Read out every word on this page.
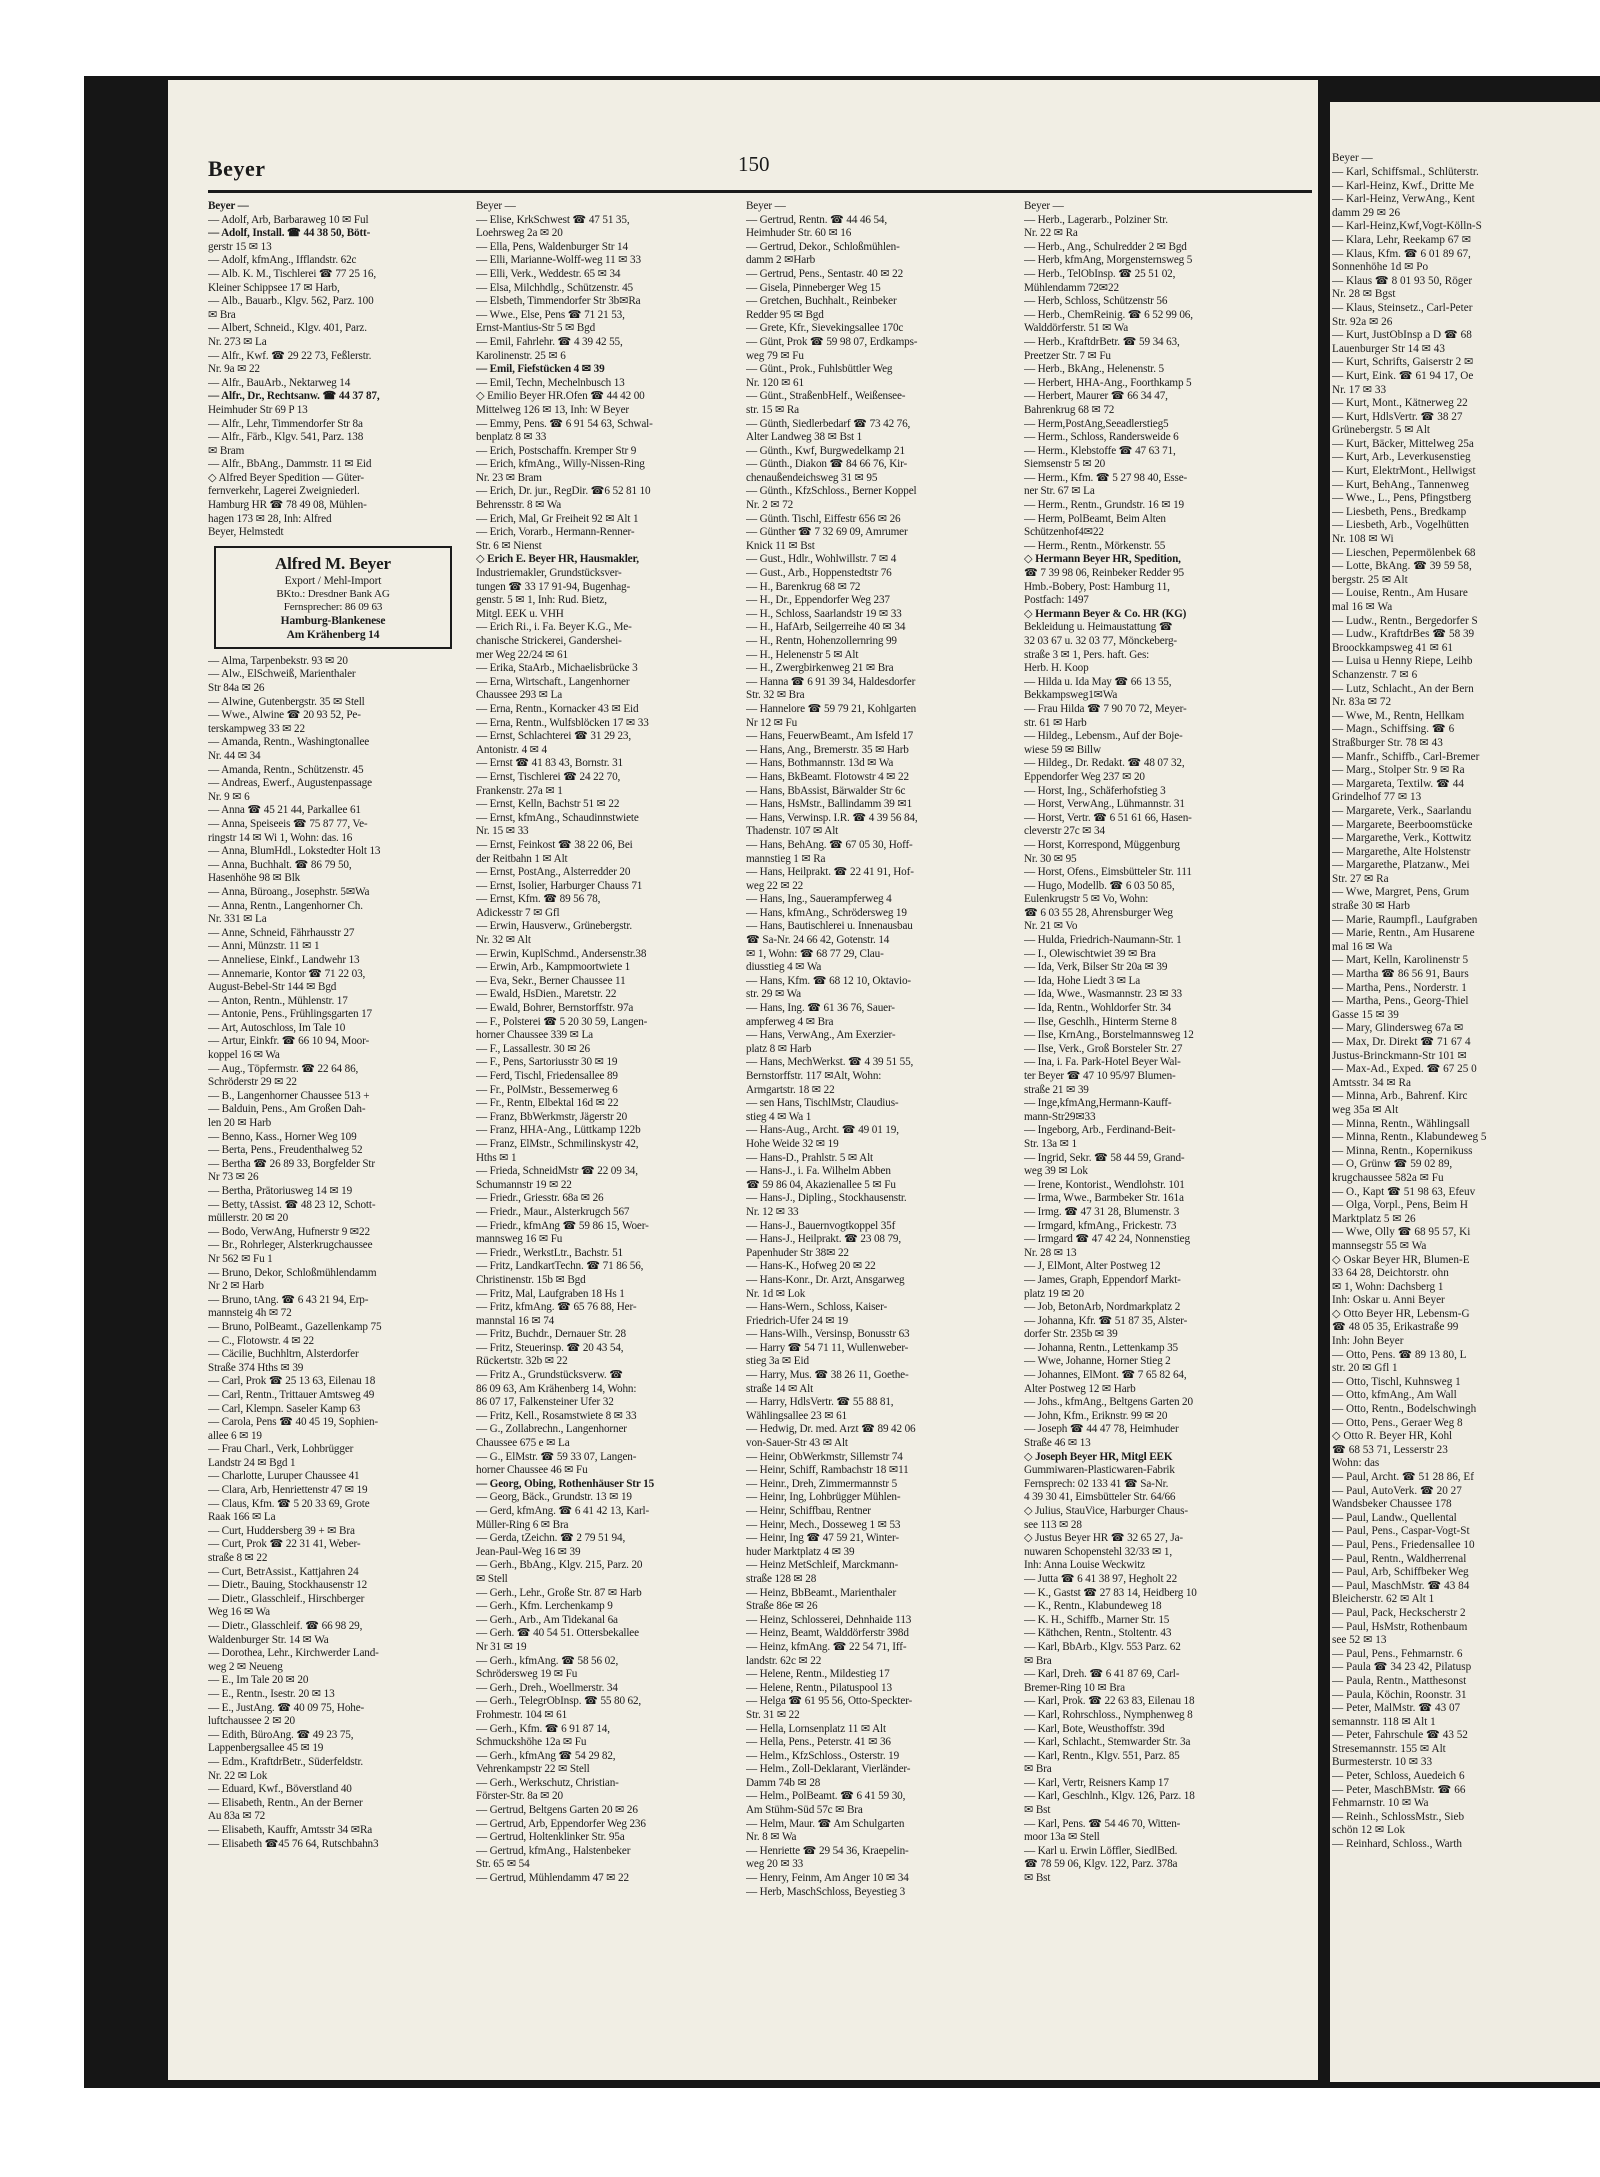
Beyer	150
Beyer —
— Adolf, Arb, Barbaraweg 10 ✉ Ful
— Adolf, Install. ☎ 44 38 50, Bött-
gerstr 15 ✉ 13
— Adolf, kfmAng., Ifflandstr. 62c
— Alb. K. M., Tischlerei ☎ 77 25 16,
Kleiner Schippsee 17 ✉ Harb,
— Alb., Bauarb., Klgv. 562, Parz. 100
✉ Bra
— Albert, Schneid., Klgv. 401, Parz.
Nr. 273 ✉ La
— Alfr., Kwf. ☎ 29 22 73, Feßlerstr.
Nr. 9a ✉ 22
— Alfr., BauArb., Nektarweg 14
— Alfr., Dr., Rechtsanw. ☎ 44 37 87,
Heimhuder Str 69 P 13
— Alfr., Lehr, Timmendorfer Str 8a
— Alfr., Färb., Klgv. 541, Parz. 138
✉ Bram
— Alfr., BbAng., Dammstr. 11 ✉ Eid
◇ Alfred Beyer Spedition — Güter-
fernverkehr, Lagerei Zweigniederl.
Hamburg HR ☎ 78 49 08, Mühlen-
hagen 173 ✉ 28, Inh: Alfred
Beyer, Helmstedt
Alfred M. Beyer
Export / Mehl-Import
BKto.: Dresdner Bank AG
Fernsprecher: 86 09 63
Hamburg-Blankenese
Am Krähenberg 14
— Alma, Tarpenbekstr. 93 ✉ 20
— Alw., ElSchweiß, Marienthaler
Str 84a ✉ 26
— Alwine, Gutenbergstr. 35 ✉ Stell
— Wwe., Alwine ☎ 20 93 52, Pe-
terskampweg 33 ✉ 22
— Amanda, Rentn., Washingtonallee
Nr. 44 ✉ 34
— Amanda, Rentn., Schützenstr. 45
— Andreas, Ewerf., Augustenpassage
Nr. 9 ✉ 6
— Anna ☎ 45 21 44, Parkallee 61
— Anna, Speiseeis ☎ 75 87 77, Ve-
ringstr 14 ✉ Wi 1, Wohn: das. 16
— Anna, BlumHdl., Lokstedter Holt 13
— Anna, Buchhalt. ☎ 86 79 50,
Hasenhöhe 98 ✉ Blk
— Anna, Büroang., Josephstr. 5✉Wa
— Anna, Rentn., Langenhorner Ch.
Nr. 331 ✉ La
— Anne, Schneid, Fährhausstr 27
— Anni, Münzstr. 11 ✉ 1
— Anneliese, Einkf., Landwehr 13
— Annemarie, Kontor ☎ 71 22 03,
August-Bebel-Str 144 ✉ Bgd
— Anton, Rentn., Mühlenstr. 17
— Antonie, Pens., Frühlingsgarten 17
— Art, Autoschloss, Im Tale 10
— Artur, Einkfr. ☎ 66 10 94, Moor-
koppel 16 ✉ Wa
— Aug., Töpfermstr. ☎ 22 64 86,
Schröderstr 29 ✉ 22
— B., Langenhorner Chaussee 513 +
— Balduin, Pens., Am Großen Dah-
len 20 ✉ Harb
— Benno, Kass., Horner Weg 109
— Berta, Pens., Freudenthalweg 52
— Bertha ☎ 26 89 33, Borgfelder Str
Nr 73 ✉ 26
— Bertha, Prätoriusweg 14 ✉ 19
— Betty, tAssist. ☎ 48 23 12, Schott-
müllerstr. 20 ✉ 20
— Bodo, VerwAng, Hufnerstr 9 ✉22
— Br., Rohrleger, Alsterkrugchaussee
Nr 562 ✉ Fu 1
— Bruno, Dekor, Schloßmühlendamm
Nr 2 ✉ Harb
— Bruno, tAng. ☎ 6 43 21 94, Erp-
mannsteig 4h ✉ 72
— Bruno, PolBeamt., Gazellenkamp 75
— C., Flotowstr. 4 ✉ 22
— Cäcilie, Buchhltrn, Alsterdorfer
Straße 374 Hths ✉ 39
— Carl, Prok ☎ 25 13 63, Eilenau 18
— Carl, Rentn., Trittauer Amtsweg 49
— Carl, Klempn. Saseler Kamp 63
— Carola, Pens ☎ 40 45 19, Sophien-
allee 6 ✉ 19
— Frau Charl., Verk, Lohbrügger
Landstr 24 ✉ Bgd 1
— Charlotte, Luruper Chaussee 41
— Clara, Arb, Henriettenstr 47 ✉ 19
— Claus, Kfm. ☎ 5 20 33 69, Grote
Raak 166 ✉ La
— Curt, Huddersberg 39 + ✉ Bra
— Curt, Prok ☎ 22 31 41, Weber-
straße 8 ✉ 22
— Curt, BetrAssist., Kattjahren 24
— Dietr., Bauing, Stockhausenstr 12
— Dietr., Glasschleif., Hirschberger
Weg 16 ✉ Wa
— Dietr., Glasschleif. ☎ 66 98 29,
Waldenburger Str. 14 ✉ Wa
— Dorothea, Lehr., Kirchwerder Land-
weg 2 ✉ Neueng
— E., Im Tale 20 ✉ 20
— E., Rentn., Isestr. 20 ✉ 13
— E., JustAng. ☎ 40 09 75, Hohe-
luftchaussee 2 ✉ 20
— Edith, BüroAng. ☎ 49 23 75,
Lappenbergsallee 45 ✉ 19
— Edm., KraftdrBetr., Süderfeldstr.
Nr. 22 ✉ Lok
— Eduard, Kwf., Böverstland 40
— Elisabeth, Rentn., An der Berner
Au 83a ✉ 72
— Elisabeth, Kauffr, Amtsstr 34 ✉Ra
— Elisabeth ☎45 76 64, Rutschbahn3
Beyer —
— Elise, KrkSchwest ☎ 47 51 35,
Loehrsweg 2a ✉ 20
— Ella, Pens, Waldenburger Str 14
— Elli, Marianne-Wolff-weg 11 ✉ 33
— Elli, Verk., Weddestr. 65 ✉ 34
— Elsa, Milchhdlg., Schützenstr. 45
— Elsbeth, Timmendorfer Str 3b✉Ra
— Wwe., Else, Pens ☎ 71 21 53,
Ernst-Mantius-Str 5 ✉ Bgd
— Emil, Fahrlehr. ☎ 4 39 42 55,
Karolinenstr. 25 ✉ 6
— Emil, Fiefstücken 4 ✉ 39
— Emil, Techn, Mechelnbusch 13
◇ Emilio Beyer HR.Ofen ☎ 44 42 00
Mittelweg 126 ✉ 13, Inh: W Beyer
— Emmy, Pens. ☎ 6 91 54 63, Schwal-
benplatz 8 ✉ 33
— Erich, Postschaffn. Kremper Str 9
— Erich, kfmAng., Willy-Nissen-Ring
Nr. 23 ✉ Bram
— Erich, Dr. jur., RegDir. ☎6 52 81 10
Behrensstr. 8 ✉ Wa
— Erich, Mal, Gr Freiheit 92 ✉ Alt 1
— Erich, Vorarb., Hermann-Renner-
Str. 6 ✉ Nienst
◇ Erich E. Beyer HR, Hausmakler,
Industriemakler, Grundstücksver-
tungen ☎ 33 17 91-94, Bugenhag-
genstr. 5 ✉ 1, Inh: Rud. Bietz,
Mitgl. EEK u. VHH
— Erich Ri., i. Fa. Beyer K.G., Me-
chanische Strickerei, Gandershei-
mer Weg 22/24 ✉ 61
— Erika, StaArb., Michaelisbrücke 3
— Erna, Wirtschaft., Langenhorner
Chaussee 293 ✉ La
— Erna, Rentn., Kornacker 43 ✉ Eid
— Erna, Rentn., Wulfsblöcken 17 ✉ 33
— Ernst, Schlachterei ☎ 31 29 23,
Antonistr. 4 ✉ 4
— Ernst ☎ 41 83 43, Bornstr. 31
— Ernst, Tischlerei ☎ 24 22 70,
Frankenstr. 27a ✉ 1
— Ernst, Kelln, Bachstr 51 ✉ 22
— Ernst, kfmAng., Schaudinnstwiete
Nr. 15 ✉ 33
— Ernst, Feinkost ☎ 38 22 06, Bei
der Reitbahn 1 ✉ Alt
— Ernst, PostAng., Alsterredder 20
— Ernst, Isolier, Harburger Chauss 71
— Ernst, Kfm. ☎ 89 56 78,
Adickesstr 7 ✉ Gfl
— Erwin, Hausverw., Grünebergstr.
Nr. 32 ✉ Alt
— Erwin, KuplSchmd., Andersenstr.38
— Erwin, Arb., Kampmoortwiete 1
— Eva, Sekr., Berner Chaussee 11
— Ewald, HsDien., Maretstr. 22
— Ewald, Bohrer, Bernstorffstr. 97a
— F., Polsterei ☎ 5 20 30 59, Langen-
horner Chaussee 339 ✉ La
— F., Lassallestr. 30 ✉ 26
— F., Pens, Sartoriusstr 30 ✉ 19
— Ferd, Tischl, Friedensallee 89
— Fr., PolMstr., Bessemerweg 6
— Fr., Rentn, Elbektal 16d ✉ 22
— Franz, BbWerkmstr, Jägerstr 20
— Franz, HHA-Ang., Lüttkamp 122b
— Franz, ElMstr., Schmilinskystr 42,
Hths ✉ 1
— Frieda, SchneidMstr ☎ 22 09 34,
Schumannstr 19 ✉ 22
— Friedr., Griesstr. 68a ✉ 26
— Friedr., Maur., Alsterkrugch 567
— Friedr., kfmAng ☎ 59 86 15, Woer-
mannsweg 16 ✉ Fu
— Friedr., WerkstLtr., Bachstr. 51
— Fritz, LandkartTechn. ☎ 71 86 56,
Christinenstr. 15b ✉ Bgd
— Fritz, Mal, Laufgraben 18 Hs 1
— Fritz, kfmAng. ☎ 65 76 88, Her-
mannstal 16 ✉ 74
— Fritz, Buchdr., Dernauer Str. 28
— Fritz, Steuerinsp. ☎ 20 43 54,
Rückertstr. 32b ✉ 22
— Fritz A., Grundstücksverw. ☎
86 09 63, Am Krähenberg 14, Wohn:
86 07 17, Falkensteiner Ufer 32
— Fritz, Kell., Rosamstwiete 8 ✉ 33
— G., Zollabrechn., Langenhorner
Chaussee 675 e ✉ La
— G., ElMstr. ☎ 59 33 07, Langen-
horner Chaussee 46 ✉ Fu
— Georg, Obing, Rothenhäuser Str 15
— Georg, Bäck., Grundstr. 13 ✉ 19
— Gerd, kfmAng. ☎ 6 41 42 13, Karl-
Müller-Ring 6 ✉ Bra
— Gerda, tZeichn. ☎ 2 79 51 94,
Jean-Paul-Weg 16 ✉ 39
— Gerh., BbAng., Klgv. 215, Parz. 20
✉ Stell
— Gerh., Lehr., Große Str. 87 ✉ Harb
— Gerh., Kfm. Lerchenkamp 9
— Gerh., Arb., Am Tidekanal 6a
— Gerh. ☎ 40 54 51. Ottersbekallee
Nr 31 ✉ 19
— Gerh., kfmAng. ☎ 58 56 02,
Schrödersweg 19 ✉ Fu
— Gerh., Dreh., Woellmerstr. 34
— Gerh., TelegrObInsp. ☎ 55 80 62,
Frohmestr. 104 ✉ 61
— Gerh., Kfm. ☎ 6 91 87 14,
Schmuckshöhe 12a ✉ Fu
— Gerh., kfmAng ☎ 54 29 82,
Vehrenkampstr 22 ✉ Stell
— Gerh., Werkschutz, Christian-
Förster-Str. 8a ✉ 20
— Gertrud, Beltgens Garten 20 ✉ 26
— Gertrud, Arb, Eppendorfer Weg 236
— Gertrud, Holtenklinker Str. 95a
— Gertrud, kfmAng., Halstenbeker
Str. 65 ✉ 54
— Gertrud, Mühlendamm 47 ✉ 22
Beyer —
— Gertrud, Rentn. ☎ 44 46 54,
Heimhuder Str. 60 ✉ 16
— Gertrud, Dekor., Schloßmühlen-
damm 2 ✉Harb
— Gertrud, Pens., Sentastr. 40 ✉ 22
— Gisela, Pinneberger Weg 15
— Gretchen, Buchhalt., Reinbeker
Redder 95 ✉ Bgd
— Grete, Kfr., Sievekingsallee 170c
— Günt, Prok ☎ 59 98 07, Erdkamps-
weg 79 ✉ Fu
— Günt., Prok., Fuhlsbüttler Weg
Nr. 120 ✉ 61
— Günt., StraßenbHelf., Weißensee-
str. 15 ✉ Ra
— Günth, Siedlerbedarf ☎ 73 42 76,
Alter Landweg 38 ✉ Bst 1
— Günth., Kwf, Burgwedelkamp 21
— Günth., Diakon ☎ 84 66 76, Kir-
chenaußendeichsweg 31 ✉ 95
— Günth., KfzSchloss., Berner Koppel
Nr. 2 ✉ 72
— Günth. Tischl, Eiffestr 656 ✉ 26
— Günther ☎ 7 32 69 09, Amrumer
Knick 11 ✉ Bst
— Gust., Hdlr., Wohlwillstr. 7 ✉ 4
— Gust., Arb., Hoppenstedtstr 76
— H., Barenkrug 68 ✉ 72
— H., Dr., Eppendorfer Weg 237
— H., Schloss, Saarlandstr 19 ✉ 33
— H., HafArb, Seilgerreihe 40 ✉ 34
— H., Rentn, Hohenzollernring 99
— H., Helenenstr 5 ✉ Alt
— H., Zwergbirkenweg 21 ✉ Bra
— Hanna ☎ 6 91 39 34, Haldesdorfer
Str. 32 ✉ Bra
— Hannelore ☎ 59 79 21, Kohlgarten
Nr 12 ✉ Fu
— Hans, FeuerwBeamt., Am Isfeld 17
— Hans, Ang., Bremerstr. 35 ✉ Harb
— Hans, Bothmannstr. 13d ✉ Wa
— Hans, BkBeamt. Flotowstr 4 ✉ 22
— Hans, BbAssist, Bärwalder Str 6c
— Hans, HsMstr., Ballindamm 39 ✉1
— Hans, Verwinsp. I.R. ☎ 4 39 56 84,
Thadenstr. 107 ✉ Alt
— Hans, BehAng. ☎ 67 05 30, Hoff-
mannstieg 1 ✉ Ra
— Hans, Heilprakt. ☎ 22 41 91, Hof-
weg 22 ✉ 22
— Hans, Ing., Sauerampferweg 4
— Hans, kfmAng., Schrödersweg 19
— Hans, Bautischlerei u. Innenausbau
☎ Sa-Nr. 24 66 42, Gotenstr. 14
✉ 1, Wohn: ☎ 68 77 29, Clau-
diusstieg 4 ✉ Wa
— Hans, Kfm. ☎ 68 12 10, Oktavio-
str. 29 ✉ Wa
— Hans, Ing. ☎ 61 36 76, Sauer-
ampferweg 4 ✉ Bra
— Hans, VerwAng., Am Exerzier-
platz 8 ✉ Harb
— Hans, MechWerkst. ☎ 4 39 51 55,
Bernstorffstr. 117 ✉Alt, Wohn:
Armgartstr. 18 ✉ 22
— sen Hans, TischlMstr, Claudius-
stieg 4 ✉ Wa 1
— Hans-Aug., Archt. ☎ 49 01 19,
Hohe Weide 32 ✉ 19
— Hans-D., Prahlstr. 5 ✉ Alt
— Hans-J., i. Fa. Wilhelm Abben
☎ 59 86 04, Akazienallee 5 ✉ Fu
— Hans-J., Dipling., Stockhausenstr.
Nr. 12 ✉ 33
— Hans-J., Bauernvogtkoppel 35f
— Hans-J., Heilprakt. ☎ 23 08 79,
Papenhuder Str 38✉ 22
— Hans-K., Hofweg 20 ✉ 22
— Hans-Konr., Dr. Arzt, Ansgarweg
Nr. 1d ✉ Lok
— Hans-Wern., Schloss, Kaiser-
Friedrich-Ufer 24 ✉ 19
— Hans-Wilh., Versinsp, Bonusstr 63
— Harry ☎ 54 71 11, Wullenweber-
stieg 3a ✉ Eid
— Harry, Mus. ☎ 38 26 11, Goethe-
straße 14 ✉ Alt
— Harry, HdlsVertr. ☎ 55 88 81,
Wählingsallee 23 ✉ 61
— Hedwig, Dr. med. Arzt ☎ 89 42 06
von-Sauer-Str 43 ✉ Alt
— Heinr, ObWerkmstr, Sillemstr 74
— Heinr, Schiff, Rambachstr 18 ✉11
— Heinr., Dreh, Zimmermannstr 5
— Heinr, Ing, Lohbrügger Mühlen-
— Heinr, Schiffbau, Rentner
— Heinr, Mech., Dosseweg 1 ✉ 53
— Heinr, Ing ☎ 47 59 21, Winter-
huder Marktplatz 4 ✉ 39
— Heinz MetSchleif, Marckmann-
straße 128 ✉ 28
— Heinz, BbBeamt., Marienthaler
Straße 86e ✉ 26
— Heinz, Schlosserei, Dehnhaide 113
— Heinz, Beamt, Walddörferstr 398d
— Heinz, kfmAng. ☎ 22 54 71, Iff-
landstr. 62c ✉ 22
— Helene, Rentn., Mildestieg 17
— Helene, Rentn., Pilatuspool 13
— Helga ☎ 61 95 56, Otto-Speckter-
Str. 31 ✉ 22
— Hella, Lornsenplatz 11 ✉ Alt
— Hella, Pens., Peterstr. 41 ✉ 36
— Helm., KfzSchloss., Osterstr. 19
— Helm., Zoll-Deklarant, Vierländer-
Damm 74b ✉ 28
— Helm., PolBeamt. ☎ 6 41 59 30,
Am Stühm-Süd 57c ✉ Bra
— Helm, Maur. ☎ Am Schulgarten
Nr. 8 ✉ Wa
— Henriette ☎ 29 54 36, Kraepelin-
weg 20 ✉ 33
— Henry, Feinm, Am Anger 10 ✉ 34
— Herb, MaschSchloss, Beyestieg 3
Beyer —
— Herb., Lagerarb., Polziner Str.
Nr. 22 ✉ Ra
— Herb., Ang., Schulredder 2 ✉ Bgd
— Herb, kfmAng, Morgensternsweg 5
— Herb., TelObInsp. ☎ 25 51 02,
Mühlendamm 72✉22
— Herb, Schloss, Schützenstr 56
— Herb., ChemReinig. ☎ 6 52 99 06,
Walddörferstr. 51 ✉ Wa
— Herb., KraftdrBetr. ☎ 59 34 63,
Preetzer Str. 7 ✉ Fu
— Herb., BkAng., Helenenstr. 5
— Herbert, HHA-Ang., Foorthkamp 5
— Herbert, Maurer ☎ 66 34 47,
Bahrenkrug 68 ✉ 72
— Herm,PostAng,Seeadlerstieg5
— Herm., Schloss, Randersweide 6
— Herm., Klebstoffe ☎ 47 63 71,
Siemsenstr 5 ✉ 20
— Herm., Kfm. ☎ 5 27 98 40, Esse-
ner Str. 67 ✉ La
— Herm., Rentn., Grundstr. 16 ✉ 19
— Herm, PolBeamt, Beim Alten
Schützenhof4✉22
— Herm., Rentn., Mörkenstr. 55
◇ Hermann Beyer HR, Spedition,
☎ 7 39 98 06, Reinbeker Redder 95
Hmb.-Bobery, Post: Hamburg 11,
Postfach: 1497
◇ Hermann Beyer & Co. HR (KG)
Bekleidung u. Heimaustattung ☎
32 03 67 u. 32 03 77, Mönckeberg-
straße 3 ✉ 1, Pers. haft. Ges:
Herb. H. Koop
— Hilda u. Ida May ☎ 66 13 55,
Bekkampsweg1✉Wa
— Frau Hilda ☎ 7 90 70 72, Meyer-
str. 61 ✉ Harb
— Hildeg., Lebensm., Auf der Boje-
wiese 59 ✉ Billw
— Hildeg., Dr. Redakt. ☎ 48 07 32,
Eppendorfer Weg 237 ✉ 20
— Horst, Ing., Schäferhofstieg 3
— Horst, VerwAng., Lühmannstr. 31
— Horst, Vertr. ☎ 6 51 61 66, Hasen-
cleverstr 27c ✉ 34
— Horst, Korrespond, Müggenburg
Nr. 30 ✉ 95
— Horst, Ofens., Eimsbütteler Str. 111
— Hugo, Modellb. ☎ 6 03 50 85,
Eulenkrugstr 5 ✉ Vo, Wohn:
☎ 6 03 55 28, Ahrensburger Weg
Nr. 21 ✉ Vo
— Hulda, Friedrich-Naumann-Str. 1
— I., Olewischtwiet 39 ✉ Bra
— Ida, Verk, Bilser Str 20a ✉ 39
— Ida, Hohe Liedt 3 ✉ La
— Ida, Wwe., Wasmannstr. 23 ✉ 33
— Ida, Rentn., Wohldorfer Str. 34
— Ilse, Geschlh., Hinterm Sterne 8
— Ilse, KrnAng., Borstelmannsweg 12
— Ilse, Verk., Groß Borsteler Str. 27
— Ina, i. Fa. Park-Hotel Beyer Wal-
ter Beyer ☎ 47 10 95/97 Blumen-
straße 21 ✉ 39
— Inge,kfmAng,Hermann-Kauff-
mann-Str29✉33
— Ingeborg, Arb., Ferdinand-Beit-
Str. 13a ✉ 1
— Ingrid, Sekr. ☎ 58 44 59, Grand-
weg 39 ✉ Lok
— Irene, Kontorist., Wendlohstr. 101
— Irma, Wwe., Barmbeker Str. 161a
— Irmg. ☎ 47 31 28, Blumenstr. 3
— Irmgard, kfmAng., Frickestr. 73
— Irmgard ☎ 47 42 24, Nonnenstieg
Nr. 28 ✉ 13
— J, ElMont, Alter Postweg 12
— James, Graph, Eppendorf Markt-
platz 19 ✉ 20
— Job, BetonArb, Nordmarkplatz 2
— Johanna, Kfr. ☎ 51 87 35, Alster-
dorfer Str. 235b ✉ 39
— Johanna, Rentn., Lettenkamp 35
— Wwe, Johanne, Horner Stieg 2
— Johannes, ElMont. ☎ 7 65 82 64,
Alter Postweg 12 ✉ Harb
— Johs., kfmAng., Beltgens Garten 20
— John, Kfm., Eriknstr. 99 ✉ 20
— Joseph ☎ 44 47 78, Heimhuder
Straße 46 ✉ 13
◇ Joseph Beyer HR, Mitgl EEK
Gummiwaren-Plasticwaren-Fabrik
Fernsprech: 02 133 41 ☎ Sa-Nr.
4 39 30 41, Eimsbütteler Str. 64/66
◇ Julius, StauVice, Harburger Chaus-
see 113 ✉ 28
◇ Justus Beyer HR ☎ 32 65 27, Ja-
nuwaren Schopenstehl 32/33 ✉ 1,
Inh: Anna Louise Weckwitz
— Jutta ☎ 6 41 38 97, Hegholt 22
— K., Gastst ☎ 27 83 14, Heidberg 10
— K., Rentn., Klabundeweg 18
— K. H., Schiffb., Marner Str. 15
— Käthchen, Rentn., Stoltentr. 43
— Karl, BbArb., Klgv. 553 Parz. 62
✉ Bra
— Karl, Dreh. ☎ 6 41 87 69, Carl-
Bremer-Ring 10 ✉ Bra
— Karl, Prok. ☎ 22 63 83, Eilenau 18
— Karl, Rohrschloss., Nymphenweg 8
— Karl, Bote, Weusthoffstr. 39d
— Karl, Schlacht., Stemwarder Str. 3a
— Karl, Rentn., Klgv. 551, Parz. 85
✉ Bra
— Karl, Vertr, Reisners Kamp 17
— Karl, Geschlnh., Klgv. 126, Parz. 18
✉ Bst
— Karl, Pens. ☎ 54 46 70, Witten-
moor 13a ✉ Stell
— Karl u. Erwin Löffler, SiedlBed.
☎ 78 59 06, Klgv. 122, Parz. 378a
✉ Bst
Beyer —
— Karl, Schiffsmal., Schlüterstr.
— Karl-Heinz, Kwf., Dritte Me
— Karl-Heinz, VerwAng., Kent
damm 29 ✉ 26
— Karl-Heinz,Kwf,Vogt-Kölln-S
— Klara, Lehr, Reekamp 67 ✉
— Klaus, Kfm. ☎ 6 01 89 67,
Sonnenhöhe 1d ✉ Po
— Klaus ☎ 8 01 93 50, Röger
Nr. 28 ✉ Bgst
— Klaus, Steinsetz., Carl-Peter
Str. 92a ✉ 26
— Kurt, JustObInsp a D ☎ 68
Lauenburger Str 14 ✉ 43
— Kurt, Schrifts, Gaiserstr 2 ✉
— Kurt, Eink. ☎ 61 94 17, Oe
Nr. 17 ✉ 33
— Kurt, Mont., Kätnerweg 22
— Kurt, HdlsVertr. ☎ 38 27
Grünebergstr. 5 ✉ Alt
— Kurt, Bäcker, Mittelweg 25a
— Kurt, Arb., Leverkusenstieg
— Kurt, ElektrMont., Hellwigst
— Kurt, BehAng., Tannenweg
— Wwe., L., Pens, Pfingstberg
— Liesbeth, Pens., Bredkamp
— Liesbeth, Arb., Vogelhütten
Nr. 108 ✉ Wi
— Lieschen, Pepermölenbek 68
— Lotte, BkAng. ☎ 39 59 58,
bergstr. 25 ✉ Alt
— Louise, Rentn., Am Husare
mal 16 ✉ Wa
— Ludw., Rentn., Bergedorfer S
— Ludw., KraftdrBes ☎ 58 39
Broockkampsweg 41 ✉ 61
— Luisa u Henny Riepe, Leihb
Schanzenstr. 7 ✉ 6
— Lutz, Schlacht., An der Bern
Nr. 83a ✉ 72
— Wwe, M., Rentn, Hellkam
— Magn., Schiffsing. ☎ 6
Straßburger Str. 78 ✉ 43
— Manfr., Schiffb., Carl-Bremer
— Marg., Stolper Str. 9 ✉ Ra
— Margareta, Textilw. ☎ 44
Grindelhof 77 ✉ 13
— Margarete, Verk., Saarlandu
— Margarete, Beerboomstücke
— Margarethe, Verk., Kottwitz
— Margarethe, Alte Holstenstr
— Margarethe, Platzanw., Mei
Str. 27 ✉ Ra
— Wwe, Margret, Pens, Grum
straße 30 ✉ Harb
— Marie, Raumpfl., Laufgraben
— Marie, Rentn., Am Husarene
mal 16 ✉ Wa
— Mart, Kelln, Karolinenstr 5
— Martha ☎ 86 56 91, Baurs
— Martha, Pens., Norderstr. 1
— Martha, Pens., Georg-Thiel
Gasse 15 ✉ 39
— Mary, Glindersweg 67a ✉
— Max, Dr. Direkt ☎ 71 67 4
Justus-Brinckmann-Str 101 ✉
— Max-Ad., Exped. ☎ 67 25 0
Amtsstr. 34 ✉ Ra
— Minna, Arb., Bahrenf. Kirc
weg 35a ✉ Alt
— Minna, Rentn., Wählingsall
— Minna, Rentn., Klabundeweg 5
— Minna, Rentn., Kopernikuss
— O, Grünw ☎ 59 02 89,
krugchaussee 582a ✉ Fu
— O., Kapt ☎ 51 98 63, Efeuv
— Olga, Vorpl., Pens, Beim H
Marktplatz 5 ✉ 26
— Wwe, Olly ☎ 68 95 57, Ki
mannsegstr 55 ✉ Wa
◇ Oskar Beyer HR, Blumen-E
33 64 28, Deichtorstr. ohn
✉ 1, Wohn: Dachsberg 1
Inh: Oskar u. Anni Beyer
◇ Otto Beyer HR, Lebensm-G
☎ 48 05 35, Erikastraße 99
Inh: John Beyer
— Otto, Pens. ☎ 89 13 80, L
str. 20 ✉ Gfl 1
— Otto, Tischl, Kuhnsweg 1
— Otto, kfmAng., Am Wall
— Otto, Rentn., Bodelschwingh
— Otto, Pens., Geraer Weg 8
◇ Otto R. Beyer HR, Kohl
☎ 68 53 71, Lesserstr 23
Wohn: das
— Paul, Archt. ☎ 51 28 86, Ef
— Paul, AutoVerk. ☎ 20 27
Wandsbeker Chaussee 178
— Paul, Landw., Quellental
— Paul, Pens., Caspar-Vogt-St
— Paul, Pens., Friedensallee 10
— Paul, Rentn., Waldherrenal
— Paul, Arb, Schiffbeker Weg
— Paul, MaschMstr. ☎ 43 84
Bleicherstr. 62 ✉ Alt 1
— Paul, Pack, Heckscherstr 2
— Paul, HsMstr, Rothenbaum
see 52 ✉ 13
— Paul, Pens., Fehmarnstr. 6
— Paula ☎ 34 23 42, Pilatusp
— Paula, Rentn., Matthesonst
— Paula, Köchin, Roonstr. 31
— Peter, MalMstr. ☎ 43 07
semannstr. 118 ✉ Alt 1
— Peter, Fahrschule ☎ 43 52
Stresemannstr. 155 ✉ Alt
Burmesterstr. 10 ✉ 33
— Peter, Schloss, Auedeich 6
— Peter, MaschBMstr. ☎ 66
Fehmarnstr. 10 ✉ Wa
— Reinh., SchlossMstr., Sieb
schön 12 ✉ Lok
— Reinhard, Schloss., Warth
